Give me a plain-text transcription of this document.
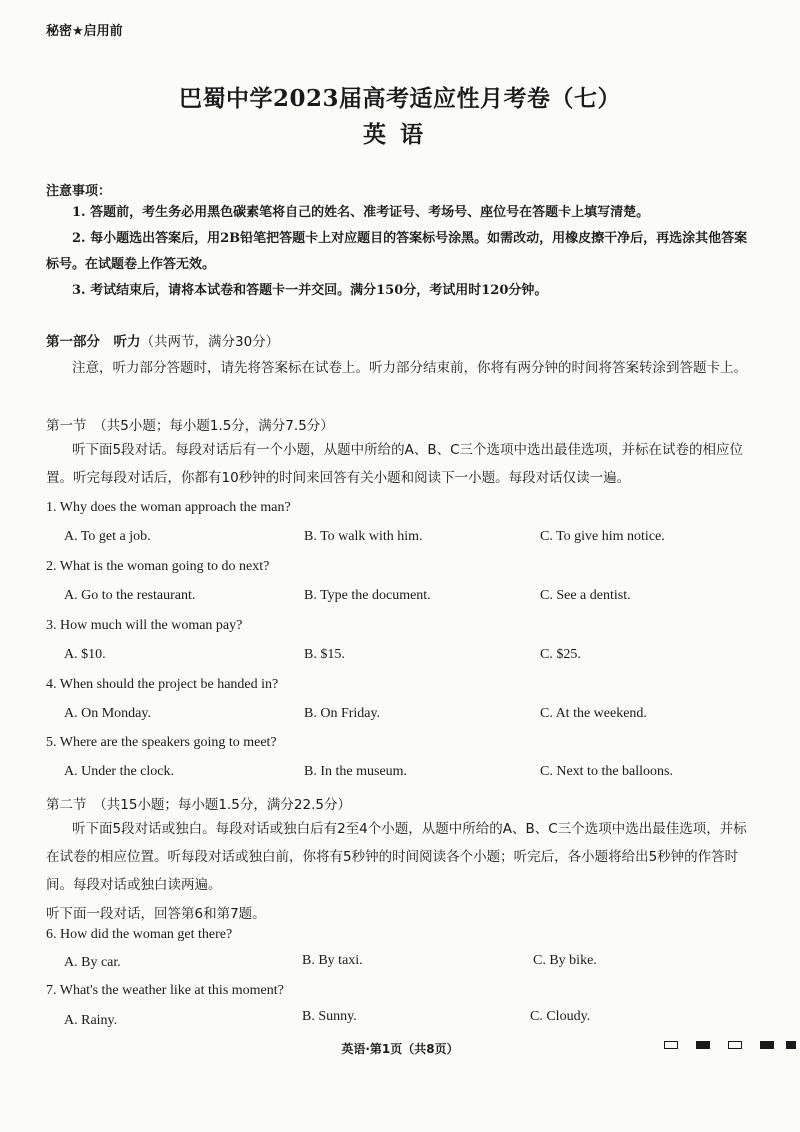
秘密★启用前
巴蜀中学2023届高考适应性月考卷（七）
英语
注意事项：
1. 答题前，考生务必用黑色碳素笔将自己的姓名、准考证号、考场号、座位号在答题卡上填写清楚。
2. 每小题选出答案后，用2B铅笔把答题卡上对应题目的答案标号涂黑。如需改动，用橡皮擦干净后，再选涂其他答案标号。在试题卷上作答无效。
3. 考试结束后，请将本试卷和答题卡一并交回。满分150分，考试用时120分钟。
第一部分　听力（共两节，满分30分）
注意，听力部分答题时，请先将答案标在试卷上。听力部分结束前，你将有两分钟的时间将答案转涂到答题卡上。
第一节　（共5小题；每小题1.5分，满分7.5分）
听下面5段对话。每段对话后有一个小题，从题中所给的A、B、C三个选项中选出最佳选项，并标在试卷的相应位置。听完每段对话后，你都有10秒钟的时间来回答有关小题和阅读下一小题。每段对话仅读一遍。
1. Why does the woman approach the man?
A. To get a job.	B. To walk with him.	C. To give him notice.
2. What is the woman going to do next?
A. Go to the restaurant.	B. Type the document.	C. See a dentist.
3. How much will the woman pay?
A. $10.	B. $15.	C. $25.
4. When should the project be handed in?
A. On Monday.	B. On Friday.	C. At the weekend.
5. Where are the speakers going to meet?
A. Under the clock.	B. In the museum.	C. Next to the balloons.
第二节　（共15小题；每小题1.5分，满分22.5分）
听下面5段对话或独白。每段对话或独白后有2至4个小题，从题中所给的A、B、C三个选项中选出最佳选项，并标在试卷的相应位置。听每段对话或独白前，你将有5秒钟的时间阅读各个小题；听完后，各小题将给出5秒钟的作答时间。每段对话或独白读两遍。
听下面一段对话，回答第6和第7题。
6. How did the woman get there?
A. By car.	B. By taxi.	C. By bike.
7. What's the weather like at this moment?
A. Rainy.	B. Sunny.	C. Cloudy.
英语·第1页（共8页）
